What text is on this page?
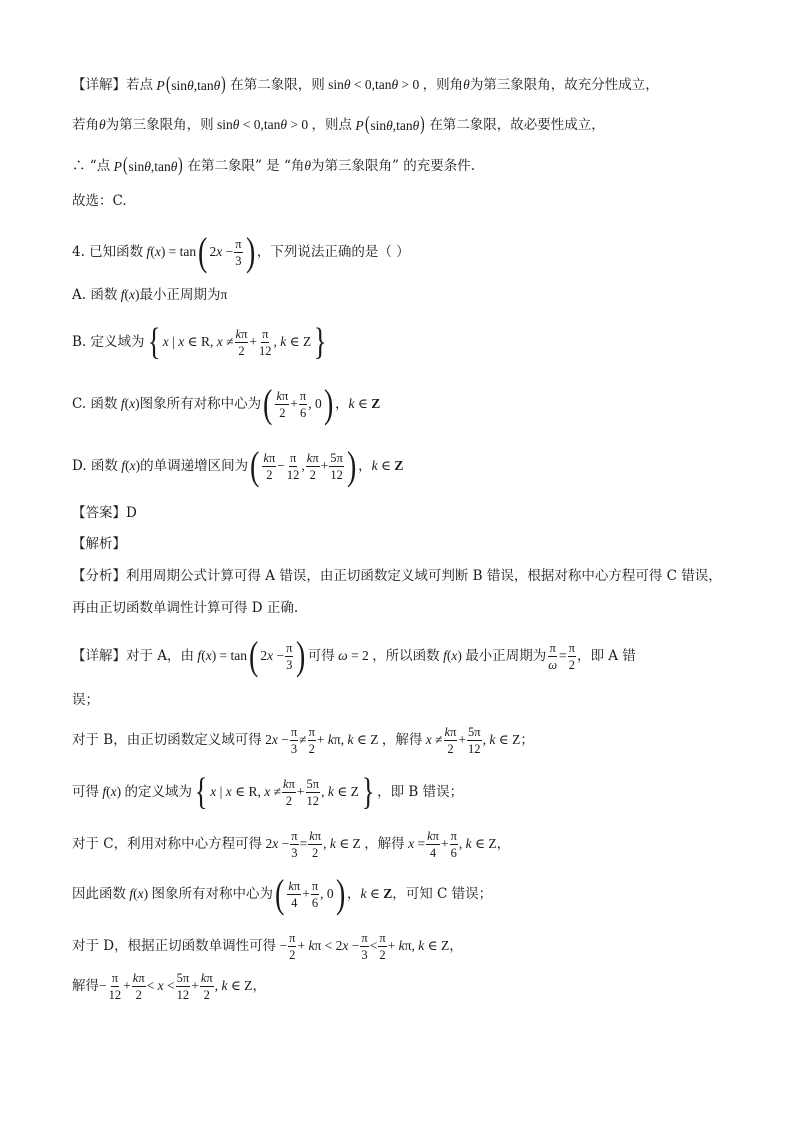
【详解】 若点 P(sinθ,tanθ) 在第二象限，则 sinθ < 0,tanθ > 0 ，则角 θ 为第三象限角，故充分性成立，
若角 θ 为第三象限角，则 sinθ < 0,tanθ > 0 ，则点 P(sinθ,tanθ) 在第二象限，故必要性成立，
∴ “点 P(sinθ,tanθ) 在第二象限” 是 “角 θ 为第三象限角” 的充要条件.
故选：C.
4. 已知函数 f(x) = tan ( $2x - \frac{\pi}{3}$ ) ，下列说法正确的是（ ）
A. 函数 f(x) 最小正周期为 π
B. 定义域为 { x | x ∈ R, $x \ne \frac{k\pi}{2} + \frac{\pi}{12}$ , k ∈ Z }
C. 函数 f(x) 图象所有对称中心为 ( $\frac{k\pi}{2} + \frac{\pi}{6}$ , 0 ) ，k ∈ Z
D. 函数 f(x) 的单调递增区间为 ( $\frac{k\pi}{2} - \frac{\pi}{12}$ , $\frac{k\pi}{2} + \frac{5\pi}{12}$ ) ，k ∈ Z
【答案】 D
【解析】
【分析】 利用周期公式计算可得 A 错误，由正切函数定义域可判断 B 错误，根据对称中心方程可得 C 错误，
再由正切函数单调性计算可得 D 正确.
【详解】 对于 A，由 f(x) = tan ( $2x - \frac{\pi}{3}$ ) 可得 ω = 2 ，所以函数 f(x) 最小正周期为 $\frac{\pi}{\omega} = \frac{\pi}{2}$ ，即 A 错
误；
对于 B，由正切函数定义域可得 $2x - \frac{\pi}{3} \ne \frac{\pi}{2} + k\pi$, k ∈ Z ，解得 $x \ne \frac{k\pi}{2} + \frac{5\pi}{12}$ , k ∈ Z ；
可得 f(x) 的定义域为 { x | x ∈ R, $x \ne \frac{k\pi}{2} + \frac{5\pi}{12}$ , k ∈ Z } ，即 B 错误；
对于 C，利用对称中心方程可得 $2x - \frac{\pi}{3} = \frac{k\pi}{2}$ , k ∈ Z ，解得 $x = \frac{k\pi}{4} + \frac{\pi}{6}$ , k ∈ Z ，
因此函数 f(x) 图象所有对称中心为 ( $\frac{k\pi}{4} + \frac{\pi}{6}$ , 0 ) ，k ∈ Z ，可知 C 错误；
对于 D，根据正切函数单调性可得 − $\frac{\pi}{2} + k\pi < 2x - \frac{\pi}{3} < \frac{\pi}{2} + k\pi$, k ∈ Z ，
解得 − $\frac{\pi}{12} + \frac{k\pi}{2} < x < \frac{5\pi}{12} + \frac{k\pi}{2}$ , k ∈ Z ，
